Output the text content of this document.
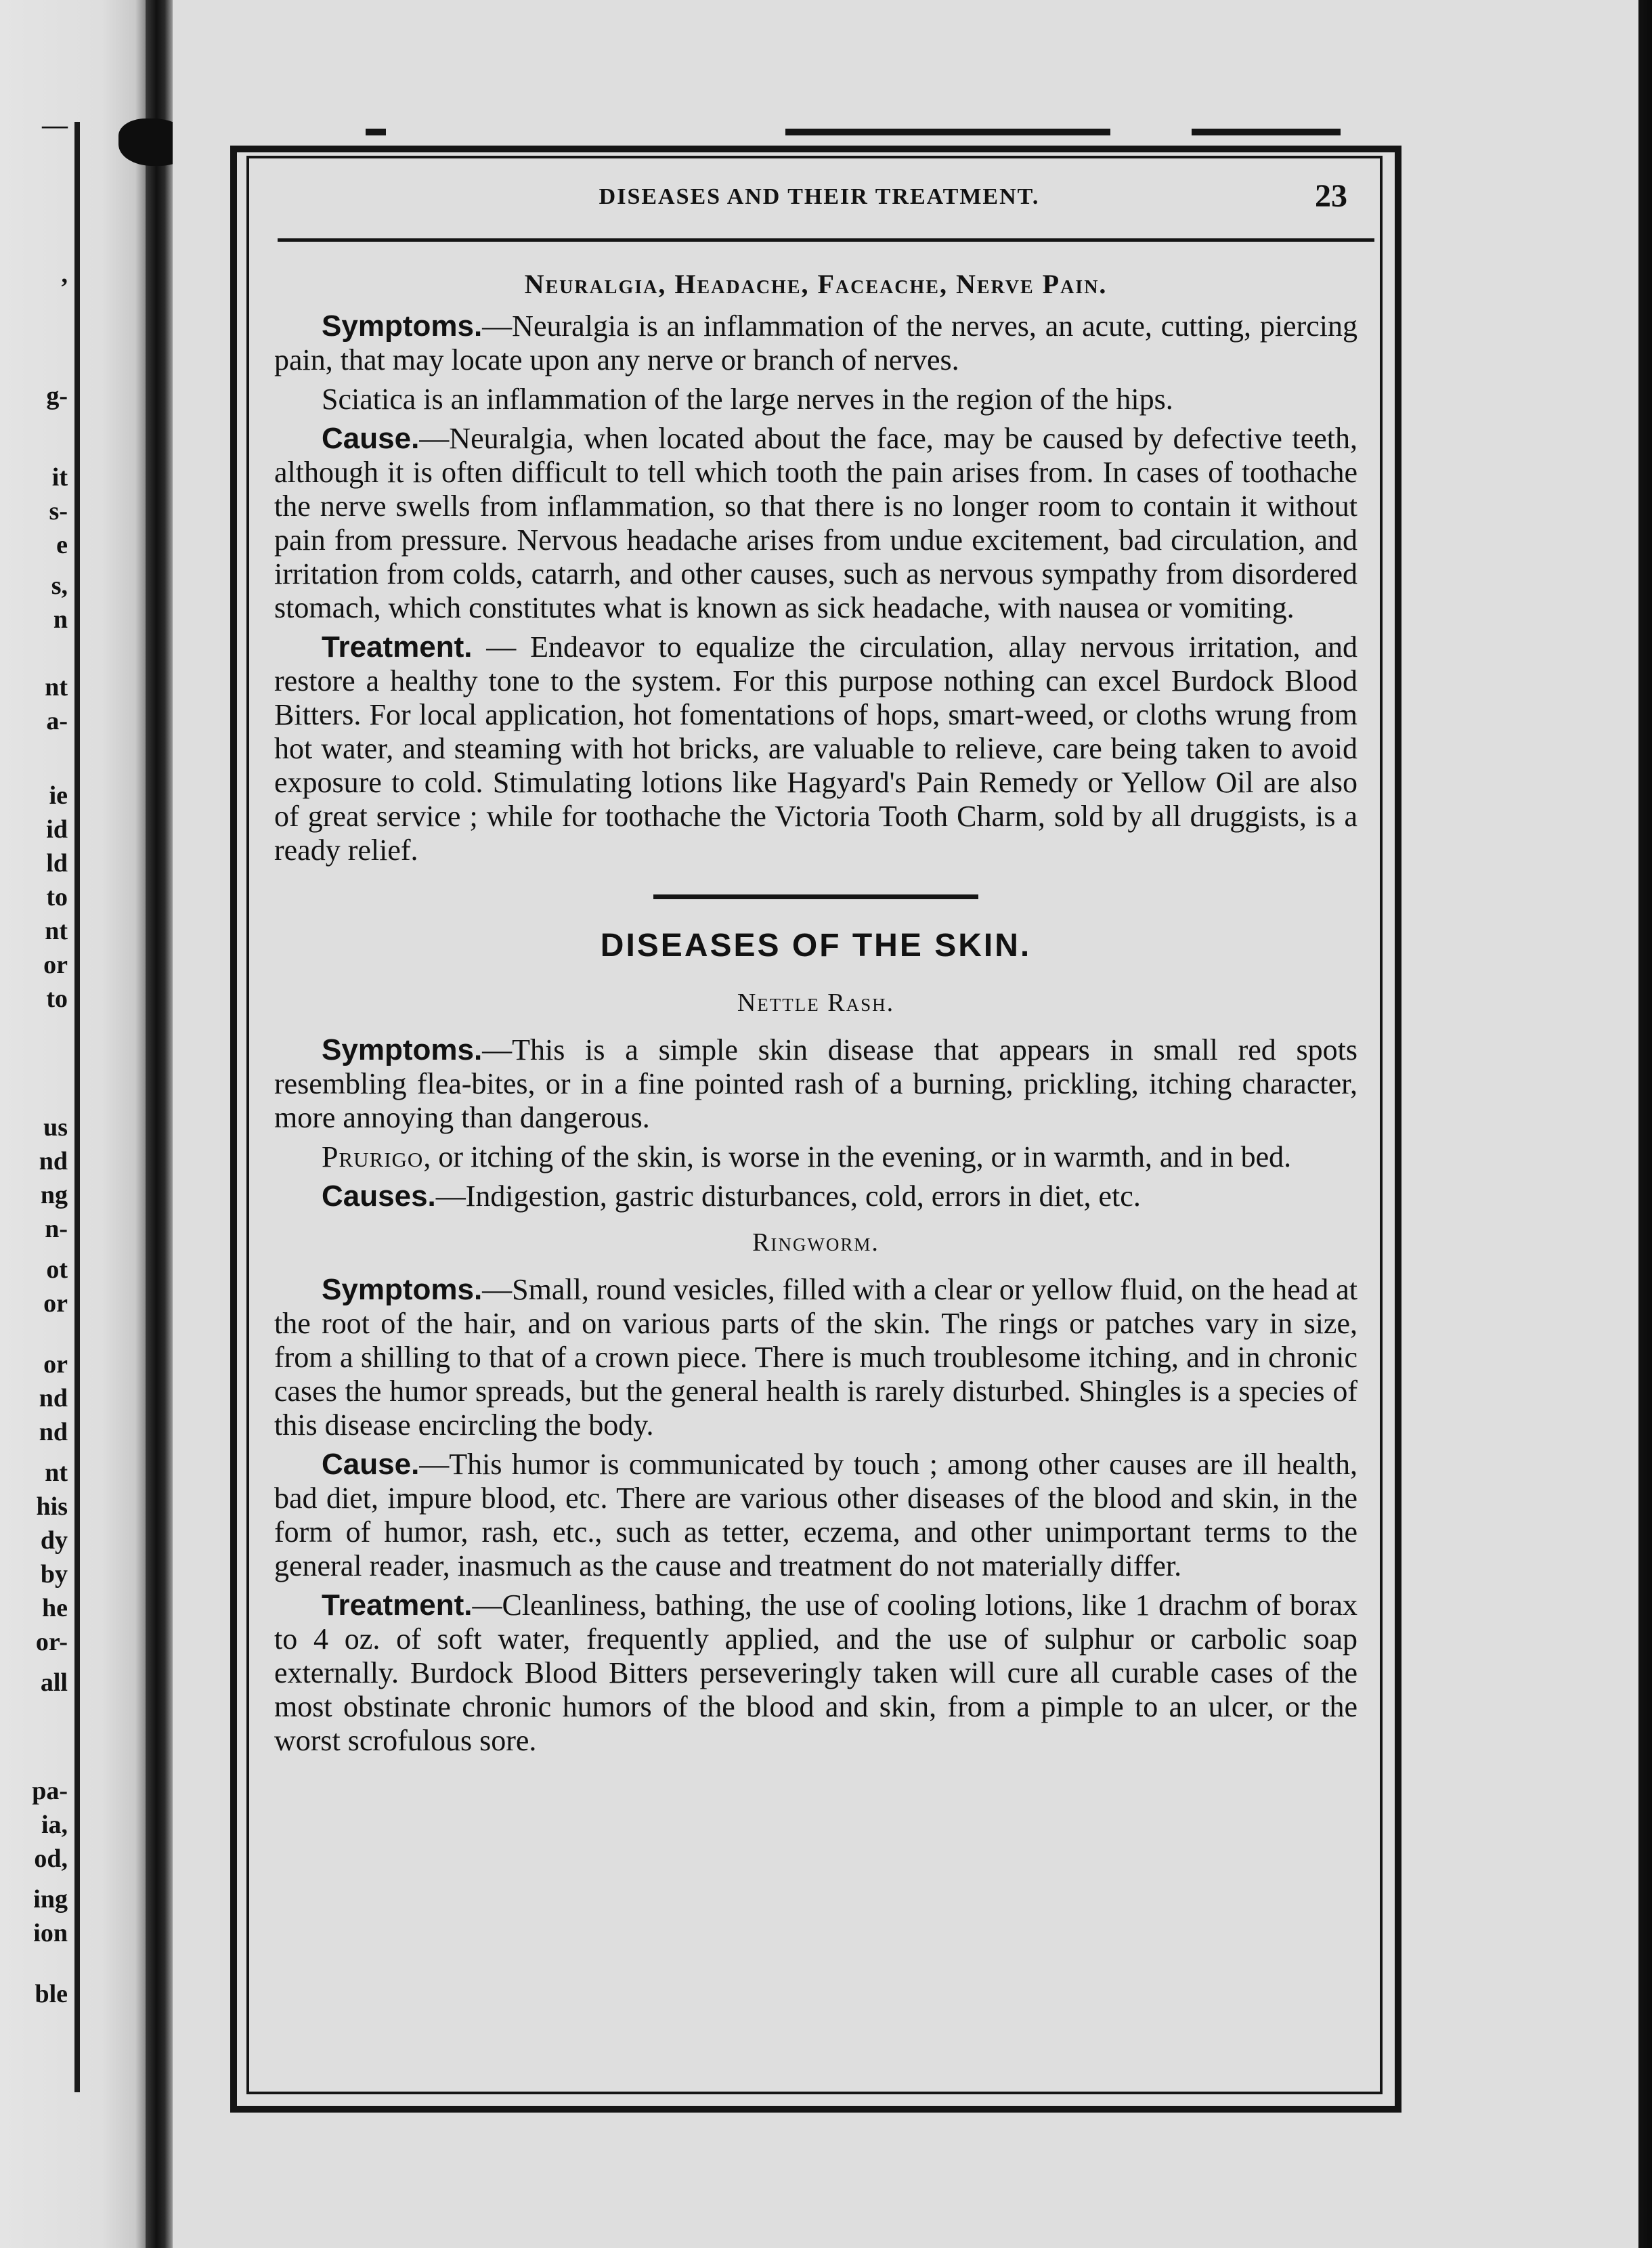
—
,
g-
it
s-
e
s,
n
nt
a-
ie
id
ld
to
nt
or
to
us
nd
ng
n-
ot
or
or
nd
nd
nt
his
dy
by
he
or-
all
pa-
ia,
od,
ing
ion
ble
DISEASES AND THEIR TREATMENT.	23
Neuralgia, Headache, Faceache, Nerve Pain.

Symptoms.—Neuralgia is an inflammation of the nerves, an acute, cutting, piercing pain, that may locate upon any nerve or branch of nerves.

Sciatica is an inflammation of the large nerves in the region of the hips.

Cause.—Neuralgia, when located about the face, may be caused by defective teeth, although it is often difficult to tell which tooth the pain arises from. In cases of toothache the nerve swells from inflammation, so that there is no longer room to contain it without pain from pressure. Nervous headache arises from undue excitement, bad circulation, and irritation from colds, catarrh, and other causes, such as nervous sympathy from disordered stomach, which constitutes what is known as sick headache, with nausea or vomiting.

Treatment. — Endeavor to equalize the circulation, allay nervous irritation, and restore a healthy tone to the system. For this purpose nothing can excel Burdock Blood Bitters. For local application, hot fomentations of hops, smart-weed, or cloths wrung from hot water, and steaming with hot bricks, are valuable to relieve, care being taken to avoid exposure to cold. Stimulating lotions like Hagyard's Pain Remedy or Yellow Oil are also of great service ; while for toothache the Victoria Tooth Charm, sold by all druggists, is a ready relief.

DISEASES OF THE SKIN.
Nettle Rash.

Symptoms.—This is a simple skin disease that appears in small red spots resembling flea-bites, or in a fine pointed rash of a burning, prickling, itching character, more annoying than dangerous.

Prurigo, or itching of the skin, is worse in the evening, or in warmth, and in bed.

Causes.—Indigestion, gastric disturbances, cold, errors in diet, etc.

Ringworm.

Symptoms.—Small, round vesicles, filled with a clear or yellow fluid, on the head at the root of the hair, and on various parts of the skin. The rings or patches vary in size, from a shilling to that of a crown piece. There is much troublesome itching, and in chronic cases the humor spreads, but the general health is rarely disturbed. Shingles is a species of this disease encircling the body.

Cause.—This humor is communicated by touch ; among other causes are ill health, bad diet, impure blood, etc. There are various other diseases of the blood and skin, in the form of humor, rash, etc., such as tetter, eczema, and other unimportant terms to the general reader, inasmuch as the cause and treatment do not materially differ.

Treatment.—Cleanliness, bathing, the use of cooling lotions, like 1 drachm of borax to 4 oz. of soft water, frequently applied, and the use of sulphur or carbolic soap externally. Burdock Blood Bitters perseveringly taken will cure all curable cases of the most obstinate chronic humors of the blood and skin, from a pimple to an ulcer, or the worst scrofulous sore.
